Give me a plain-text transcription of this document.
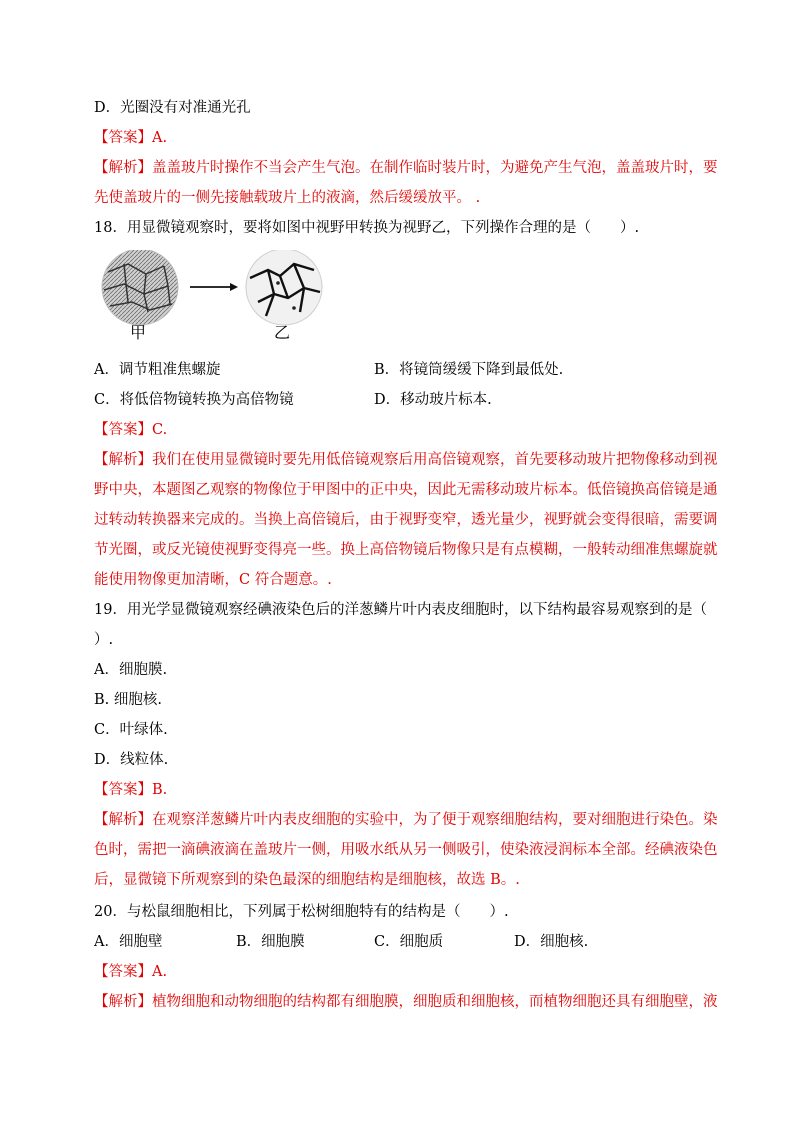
D．光圈没有对准通光孔
【答案】A.
【解析】盖盖玻片时操作不当会产生气泡。在制作临时装片时，为避免产生气泡，盖盖玻片时，要
先使盖玻片的一侧先接触载玻片上的液滴，然后缓缓放平。 .
18．用显微镜观察时，要将如图中视野甲转换为视野乙，下列操作合理的是（　　）.
甲	乙
A．调节粗准焦螺旋	B．将镜筒缓缓下降到最低处.
C．将低倍物镜转换为高倍物镜	D．移动玻片标本.
【答案】C.
【解析】我们在使用显微镜时要先用低倍镜观察后用高倍镜观察，首先要移动玻片把物像移动到视
野中央，本题图乙观察的物像位于甲图中的正中央，因此无需移动玻片标本。低倍镜换高倍镜是通
过转动转换器来完成的。当换上高倍镜后，由于视野变窄，透光量少，视野就会变得很暗，需要调
节光圈，或反光镜使视野变得亮一些。换上高倍物镜后物像只是有点模糊，一般转动细准焦螺旋就
能使用物像更加清晰，C 符合题意。.
19．用光学显微镜观察经碘液染色后的洋葱鳞片叶内表皮细胞时，以下结构最容易观察到的是（
）.
A．细胞膜.
B. 细胞核.
C．叶绿体.
D．线粒体.
【答案】B.
【解析】在观察洋葱鳞片叶内表皮细胞的实验中，为了便于观察细胞结构，要对细胞进行染色。染
色时，需把一滴碘液滴在盖玻片一侧，用吸水纸从另一侧吸引，使染液浸润标本全部。经碘液染色
后，显微镜下所观察到的染色最深的细胞结构是细胞核，故选 B。.
20．与松鼠细胞相比，下列属于松树细胞特有的结构是（　　）.
A．细胞壁	B．细胞膜	C．细胞质	D．细胞核.
【答案】A.
【解析】植物细胞和动物细胞的结构都有细胞膜，细胞质和细胞核，而植物细胞还具有细胞壁，液
